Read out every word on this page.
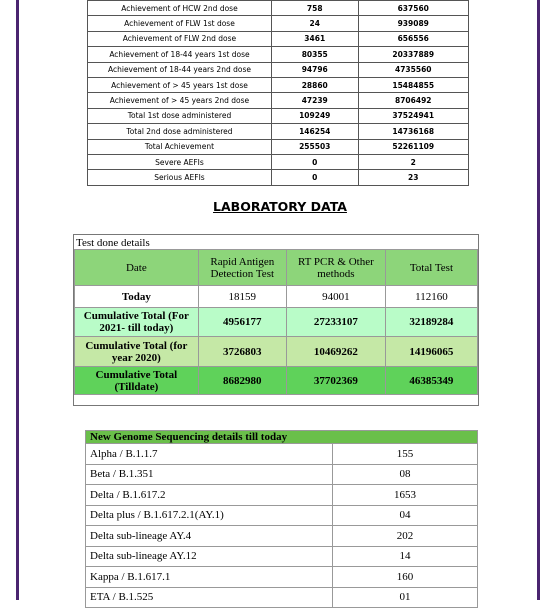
Achievement of HCW 2nd dose	758	637560
Achievement of FLW 1st dose	24	939089
Achievement of FLW 2nd dose	3461	656556
Achievement of 18-44 years 1st dose	80355	20337889
Achievement of 18-44 years 2nd dose	94796	4735560
Achievement of > 45 years 1st dose	28860	15484855
Achievement of > 45 years 2nd dose	47239	8706492
Total 1st dose administered	109249	37524941
Total 2nd dose administered	146254	14736168
Total Achievement	255503	52261109
Severe AEFIs	0	2
Serious AEFIs	0	23
LABORATORY DATA
Test done details
Date	Rapid Antigen Detection Test	RT PCR & Other methods	Total Test
Today	18159	94001	112160
Cumulative Total (For 2021- till today)	4956177	27233107	32189284
Cumulative Total (for year 2020)	3726803	10469262	14196065
Cumulative Total (Tilldate)	8682980	37702369	46385349
New Genome Sequencing details till today	
Alpha / B.1.1.7	155
Beta / B.1.351	08
Delta / B.1.617.2	1653
Delta plus / B.1.617.2.1(AY.1)	04
Delta sub-lineage AY.4	202
Delta sub-lineage AY.12	14
Kappa / B.1.617.1	160
ETA / B.1.525	01
